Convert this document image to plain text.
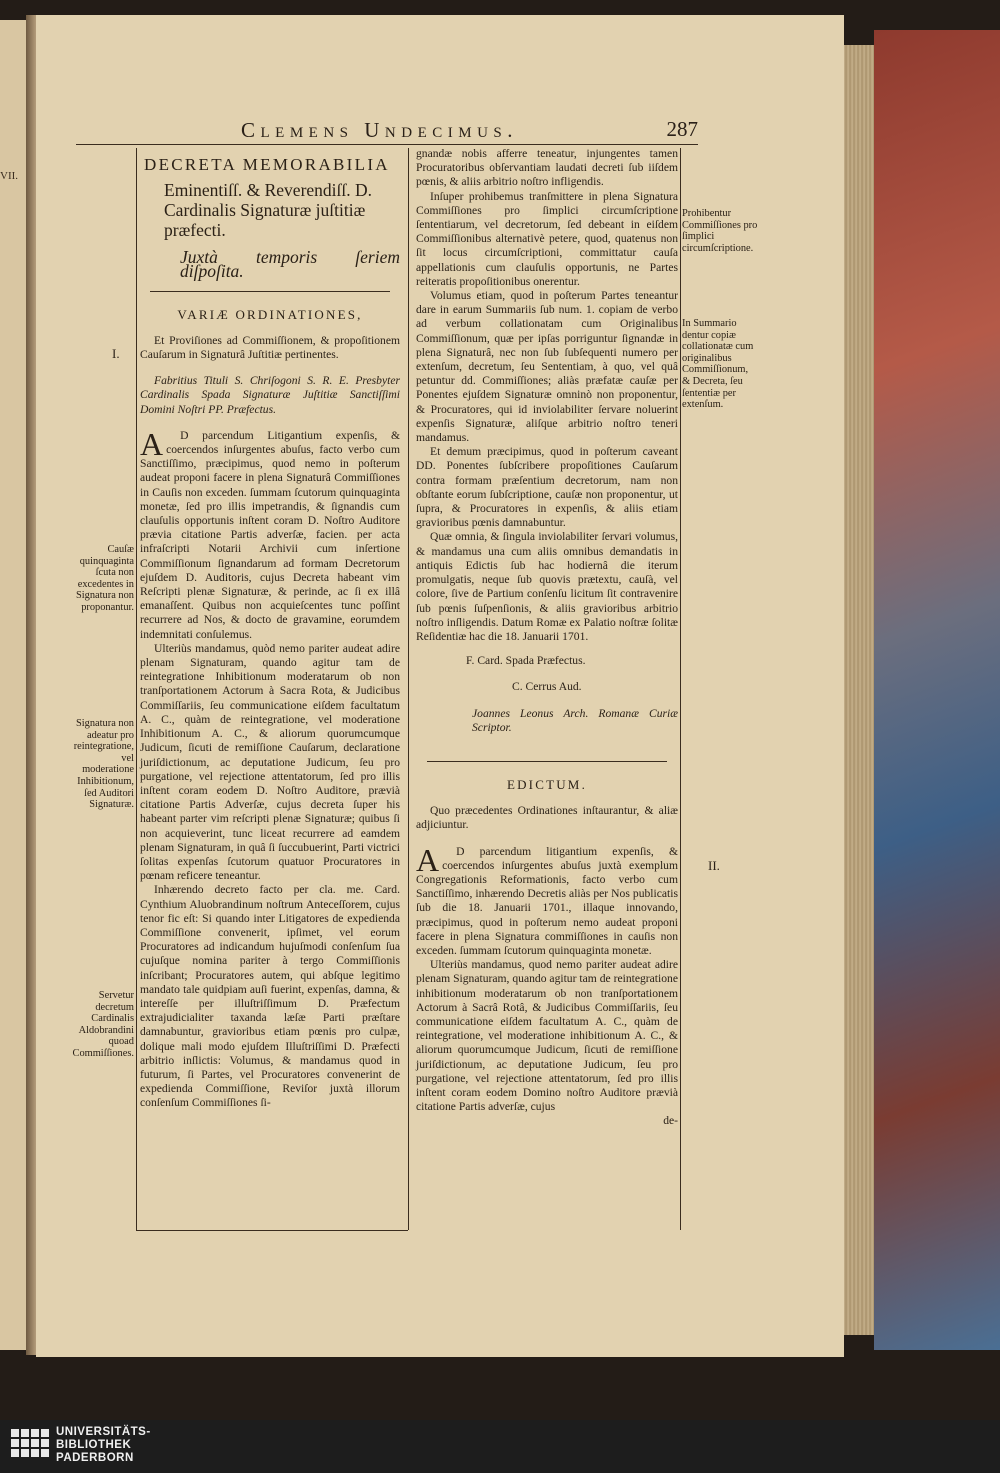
VII.
Clemens Undecimus.	287

DECRETA MEMORABILIA

Eminentiſſ. & Reverendiſſ. D. Cardinalis Signaturæ juſtitiæ præfecti.

Juxtà temporis ſeriem diſpoſita.

VARIÆ ORDINATIONES,

Et Proviſiones ad Commiſſionem, & propoſitionem Cauſarum in Signaturâ Juſtitiæ pertinentes.

Fabritius Tituli S. Chriſogoni S. R. E. Presbyter Cardinalis Spada Signaturæ Juſtitiæ Sanctiſſimi Domini Noſtri PP. Præfectus.

A D parcendum Litigantium expenſis, & coercendos inſurgentes abuſus, facto verbo cum Sanctiſſimo, præcipimus, quod nemo in poſterum audeat proponi facere in plena Signaturâ Commiſſiones in Cauſis non exceden. ſummam ſcutorum quinquaginta monetæ, ſed pro illis impetrandis, & ſignandis cum clauſulis opportunis inſtent coram D. Noſtro Auditore prævia citatione Partis adverſæ, facien. per acta infraſcripti Notarii Archivii cum inſertione Commiſſionum ſignandarum ad formam Decretorum ejuſdem D. Auditoris, cujus Decreta habeant vim Reſcripti plenæ Signaturæ, & perinde, ac ſi ex illâ emanaſſent. Quibus non acquieſcentes tunc poſſint recurrere ad Nos, & docto de gravamine, eorumdem indemnitati conſulemus.

Ulteriùs mandamus, quòd nemo pariter audeat adire plenam Signaturam, quando agitur tam de reintegratione Inhibitionum moderatarum ob non tranſportationem Actorum à Sacra Rota, & Judicibus Commiſſariis, ſeu communicatione eiſdem facultatum A. C., quàm de reintegratione, vel moderatione Inhibitionum A. C., & aliorum quorumcumque Judicum, ſicuti de remiſſione Cauſarum, declaratione juriſdictionum, ac deputatione Judicum, ſeu pro purgatione, vel rejectione attentatorum, ſed pro illis inſtent coram eodem D. Noſtro Auditore, prævià citatione Partis Adverſæ, cujus decreta ſuper his habeant parter vim reſcripti plenæ Signaturæ; quibus ſi non acquieverint, tunc liceat recurrere ad eamdem plenam Signaturam, in quâ ſi ſuccubuerint, Parti victrici ſolitas expenſas ſcutorum quatuor Procuratores in pœnam reficere teneantur.

Inhærendo decreto facto per cla. me. Card. Cynthium Aluobrandinum noſtrum Anteceſſorem, cujus tenor fic eſt: Si quando inter Litigatores de expedienda Commiſſione convenerit, ipſimet, vel eorum Procuratores ad indicandum hujuſmodi conſenſum ſua cujuſque nomina pariter à tergo Commiſſionis inſcribant; Procuratores autem, qui abſque legitimo mandato tale quidpiam auſi fuerint, expenſas, damna, & intereſſe per illuſtriſſimum D. Præfectum extrajudicialiter taxanda læſæ Parti præſtare damnabuntur, gravioribus etiam pœnis pro culpæ, dolique mali modo ejuſdem Illuſtriſſimi D. Præfecti arbitrio inſlictis: Volumus, & mandamus quod in futurum, ſi Partes, vel Procuratores convenerint de expedienda Commiſſione, Reviſor juxtà illorum conſenſum Commiſſiones ſi-

gnandæ nobis afferre teneatur, injungentes tamen Procuratoribus obſervantiam laudati decreti ſub iiſdem pœnis, & aliis arbitrio noſtro infligendis.

Inſuper prohibemus tranſmittere in plena Signatura Commiſſiones pro ſimplici circumſcriptione ſententiarum, vel decretorum, ſed debeant in eiſdem Commiſſionibus alternativè petere, quod, quatenus non ſit locus circumſcriptioni, committatur cauſa appellationis cum clauſulis opportunis, ne Partes reiteratis propoſitionibus onerentur.

Volumus etiam, quod in poſterum Partes teneantur dare in earum Summariis ſub num. 1. copiam de verbo ad verbum collationatam cum Originalibus Commiſſionum, quæ per ipſas porriguntur ſignandæ in plena Signaturâ, nec non ſub ſubſequenti numero per extenſum, decretum, ſeu Sententiam, à quo, vel quâ petuntur dd. Commiſſiones; aliàs præfatæ cauſæ per Ponentes ejuſdem Signaturæ omninò non proponentur, & Procuratores, qui id inviolabiliter ſervare noluerint expenſis Signaturæ, aliſque arbitrio noſtro teneri mandamus.

Et demum præcipimus, quod in poſterum caveant DD. Ponentes ſubſcribere propoſitiones Cauſarum contra formam præſentium decretorum, nam non obſtante eorum ſubſcriptione, cauſæ non proponentur, ut ſupra, & Procuratores in expenſis, & aliis etiam gravioribus pœnis damnabuntur.

Quæ omnia, & ſingula inviolabiliter ſervari volumus, & mandamus una cum aliis omnibus demandatis in antiquis Edictis ſub hac hodiernâ die iterum promulgatis, neque ſub quovis prætextu, cauſà, vel colore, ſive de Partium conſenſu licitum ſit contravenire ſub pœnis ſuſpenſionis, & aliis gravioribus arbitrio noſtro inſligendis. Datum Romæ ex Palatio noſtræ ſolitæ Reſidentiæ hac die 18. Januarii 1701.

F. Card. Spada Præfectus.

C. Cerrus Aud.

Joannes Leonus Arch. Romanæ Curiæ Scriptor.

EDICTUM.

Quo præcedentes Ordinationes inſtaurantur, & aliæ adjiciuntur.

A D parcendum litigantium expenſis, & coercendos inſurgentes abuſus juxtà exemplum Congregationis Reformationis, facto verbo cum Sanctiſſimo, inhærendo Decretis aliàs per Nos publicatis ſub die 18. Januarii 1701., illaque innovando, præcipimus, quod in poſterum nemo audeat proponi facere in plena Signatura commiſſiones in cauſis non exceden. ſummam ſcutorum quinquaginta monetæ.

Ulteriùs mandamus, quod nemo pariter audeat adire plenam Signaturam, quando agitur tam de reintegratione inhibitionum moderatarum ob non tranſportationem Actorum à Sacrâ Rotâ, & Judicibus Commiſſariis, ſeu communicatione eiſdem facultatum A. C., quàm de reintegratione, vel moderatione inhibitionum A. C., & aliorum quorumcumque Judicum, ſicuti de remiſſione juriſdictionum, ac deputatione Judicum, ſeu pro purgatione, vel rejectione attentatorum, ſed pro illis inſtent coram eodem Domino noſtro Auditore prævià citatione Partis adverſæ, cujus

de-

I.
II.
Cauſæ quinquaginta ſcuta non excedentes in Signatura non proponantur.
Signatura non adeatur pro reintegratione, vel moderatione Inhibitionum, ſed Auditori Signaturæ.
Servetur decretum Cardinalis Aldobrandini quoad Commiſſiones.
Prohibentur Commiſſiones pro ſimplici circumſcriptione.
In Summario dentur copiæ collationatæ cum originalibus Commiſſionum, & Decreta, ſeu ſententiæ per extenſum.
UNIVERSITÄTS-
BIBLIOTHEK
PADERBORN
